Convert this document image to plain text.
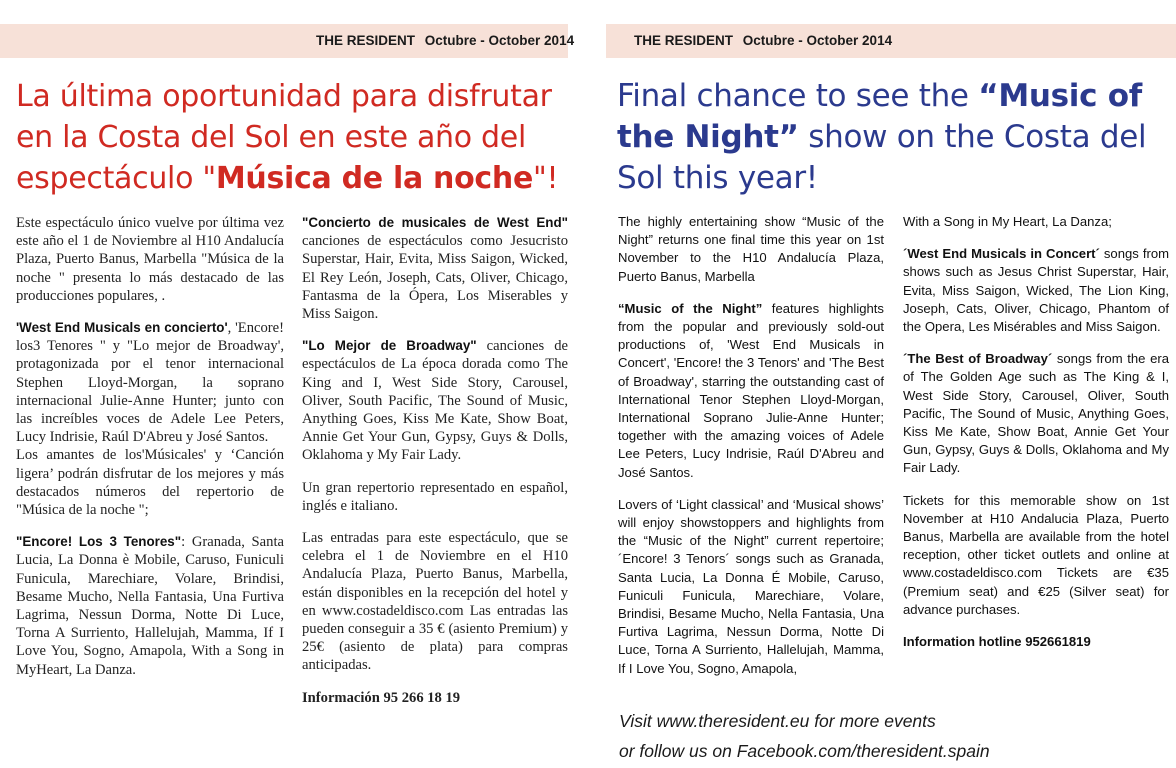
THE RESIDENT Octubre - October 2014	THE RESIDENT Octubre - October 2014
La última oportunidad para disfrutar en la Costa del Sol en este año del espectáculo "Música de la noche"!
Final chance to see the “Music of the Night” show on the Costa del Sol this year!

Este espectáculo único vuelve por última vez este año el 1 de Noviembre al H10 Andalucía Plaza, Puerto Banus, Marbella "Música de la noche " presenta lo más destacado de las producciones populares, .

'West End Musicals en concierto', 'Encore! los3 Tenores " y "Lo mejor de Broadway', protagonizada por el tenor internacional Stephen Lloyd-Morgan, la soprano internacional Julie-Anne Hunter; junto con las increíbles voces de Adele Lee Peters, Lucy Indrisie, Raúl D'Abreu y José Santos.

Los amantes de los'Músicales' y ‘Canción ligera’ podrán disfrutar de los mejores y más destacados números del repertorio de "Música de la noche ";

"Encore! Los 3 Tenores": Granada, Santa Lucia, La Donna è Mobile, Caruso, Funiculi Funicula, Marechiare, Volare, Brindisi, Besame Mucho, Nella Fantasia, Una Furtiva Lagrima, Nessun Dorma, Notte Di Luce, Torna A Surriento, Hallelujah, Mamma, If I Love You, Sogno, Amapola, With a Song in MyHeart, La Danza.

"Concierto de musicales de West End" canciones de espectáculos como Jesucristo Superstar, Hair, Evita, Miss Saigon, Wicked, El Rey León, Joseph, Cats, Oliver, Chicago, Fantasma de la Ópera, Los Miserables y Miss Saigon.

"Lo Mejor de Broadway" canciones de espectáculos de La época dorada como The King and I, West Side Story, Carousel, Oliver, South Pacific, The Sound of Music, Anything Goes, Kiss Me Kate, Show Boat, Annie Get Your Gun, Gypsy, Guys & Dolls, Oklahoma y My Fair Lady.

Un gran repertorio representado en español, inglés e italiano.

Las entradas para este espectáculo, que se celebra el 1 de Noviembre en el H10 Andalucía Plaza, Puerto Banus, Marbella, están disponibles en la recepción del hotel y en www.costadeldisco.com Las entradas las pueden conseguir a 35 € (asiento Premium) y 25€ (asiento de plata) para compras anticipadas.

Información 95 266 18 19

The highly entertaining show “Music of the Night” returns one final time this year on 1st November to the H10 Andalucía Plaza, Puerto Banus, Marbella

“Music of the Night” features highlights from the popular and previously sold-out productions of, 'West End Musicals in Concert', 'Encore! the 3 Tenors' and 'The Best of Broadway', starring the outstanding cast of International Tenor Stephen Lloyd-Morgan, International Soprano Julie-Anne Hunter; together with the amazing voices of Adele Lee Peters, Lucy Indrisie, Raúl D'Abreu and José Santos.

Lovers of ‘Light classical’ and ‘Musical shows’ will enjoy showstoppers and highlights from the “Music of the Night” current repertoire; ´Encore! 3 Tenors´ songs such as Granada, Santa Lucia, La Donna É Mobile, Caruso, Funiculi Funicula, Marechiare, Volare, Brindisi, Besame Mucho, Nella Fantasia, Una Furtiva Lagrima, Nessun Dorma, Notte Di Luce, Torna A Surriento, Hallelujah, Mamma, If I Love You, Sogno, Amapola,

With a Song in My Heart, La Danza;

´West End Musicals in Concert´ songs from shows such as Jesus Christ Superstar, Hair, Evita, Miss Saigon, Wicked, The Lion King, Joseph, Cats, Oliver, Chicago, Phantom of the Opera, Les Misérables and Miss Saigon.

´The Best of Broadway´ songs from the era of The Golden Age such as The King & I, West Side Story, Carousel, Oliver, South Pacific, The Sound of Music, Anything Goes, Kiss Me Kate, Show Boat, Annie Get Your Gun, Gypsy, Guys & Dolls, Oklahoma and My Fair Lady.

Tickets for this memorable show on 1st November at H10 Andalucia Plaza, Puerto Banus, Marbella are available from the hotel reception, other ticket outlets and online at www.costadeldisco.com Tickets are €35 (Premium seat) and €25 (Silver seat) for advance purchases.

Information hotline 952661819

Visit www.theresident.eu for more events
or follow us on Facebook.com/theresident.spain
